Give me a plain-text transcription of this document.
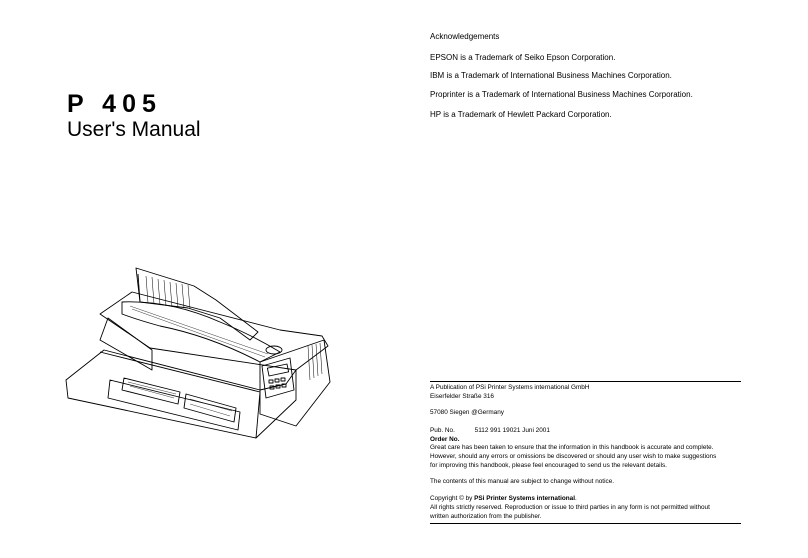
P 405
User's Manual
Acknowledgements
EPSON is a Trademark of Seiko Epson Corporation.
IBM is a Trademark of International Business Machines Corporation.
Proprinter is a Trademark of International Business Machines Corporation.
HP is a Trademark of Hewlett Packard Corporation.
A Publication of PSi Printer Systems international GmbH
Eiserfelder Straße 316
57080 Siegen @Germany
Pub. No.	5112 991 19021 Juni 2001
Order No.
Great care has been taken to ensure that the information in this handbook is accurate and complete.
However, should any errors or omissions be discovered or should any user wish to make suggestions
for improving this handbook, please feel encouraged to send us the relevant details.
The contents of this manual are subject to change without notice.
Copyright © by PSi Printer Systems international.
All rights strictly reserved. Reproduction or issue to third parties in any form is not permitted without
written authorization from the publisher.
